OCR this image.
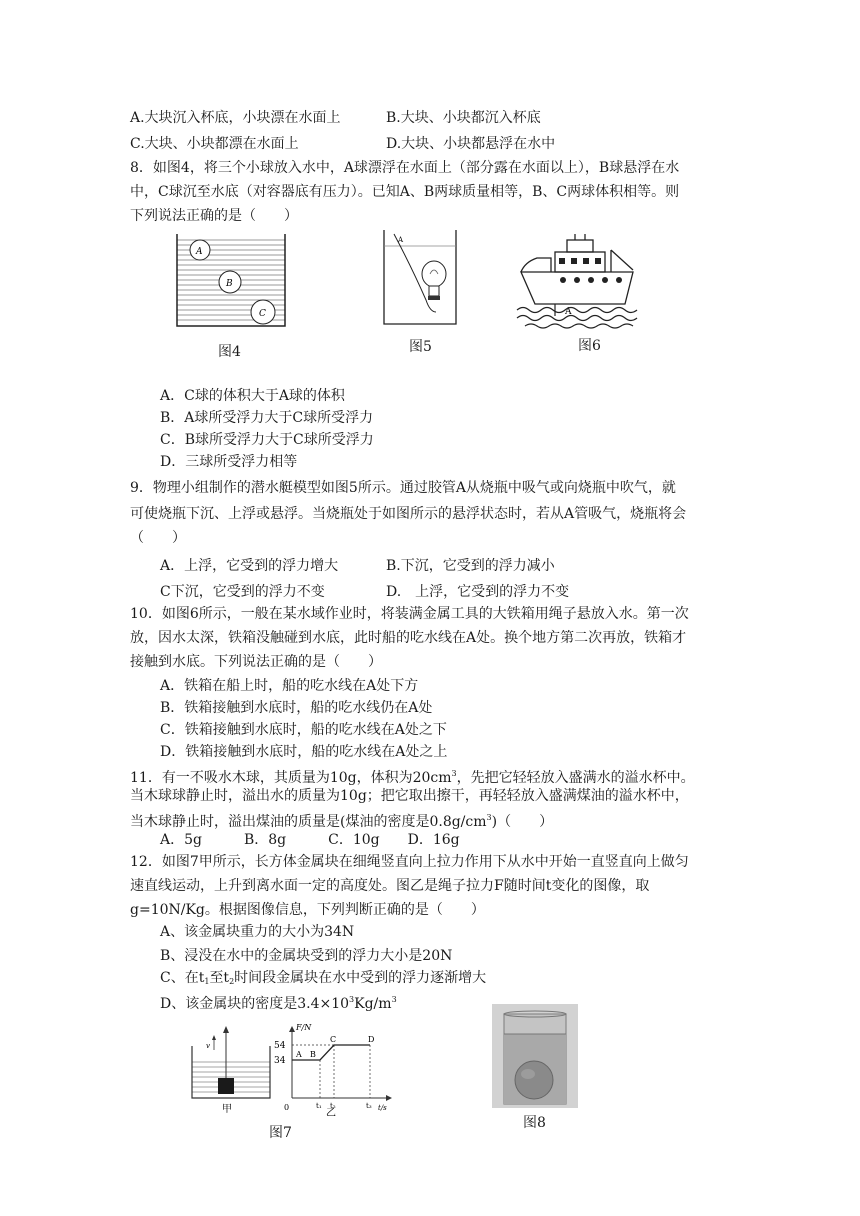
A.大块沉入杯底，小块漂在水面上	B.大块、小块都沉入杯底
C.大块、小块都漂在水面上	D.大块、小块都悬浮在水中
8．如图4，将三个小球放入水中，A球漂浮在水面上（部分露在水面以上），B球悬浮在水
中，C球沉至水底（对容器底有压力）。已知A、B两球质量相等，B、C两球体积相等。则
下列说法正确的是（　　）
A
B
C
A
A
图4	图5	图6
A．C球的体积大于A球的体积
B．A球所受浮力大于C球所受浮力
C．B球所受浮力大于C球所受浮力
D．三球所受浮力相等
9．物理小组制作的潜水艇模型如图5所示。通过胶管A从烧瓶中吸气或向烧瓶中吹气，就
可使烧瓶下沉、上浮或悬浮。当烧瓶处于如图所示的悬浮状态时，若从A管吸气，烧瓶将会
（　　）
A．上浮，它受到的浮力增大	B.下沉，它受到的浮力减小
C下沉，它受到的浮力不变	D.　上浮，它受到的浮力不变
10．如图6所示，一般在某水域作业时，将装满金属工具的大铁箱用绳子悬放入水。第一次
放，因水太深，铁箱没触碰到水底，此时船的吃水线在A处。换个地方第二次再放，铁箱才
接触到水底。下列说法正确的是（　　）
A．铁箱在船上时，船的吃水线在A处下方
B．铁箱接触到水底时，船的吃水线仍在A处
C．铁箱接触到水底时，船的吃水线在A处之下
D．铁箱接触到水底时，船的吃水线在A处之上
11．有一不吸水木球，其质量为10g，体积为$20cm^3$，先把它轻轻放入盛满水的溢水杯中。
当木球球静止时，溢出水的质量为10g；把它取出擦干，再轻轻放入盛满煤油的溢水杯中，
当木球静止时，溢出煤油的质量是(煤油的密度是$0.8g/cm^3$)（　　）
A．5g　　　B．8g　　　C．10g　　D．16g
12．如图7甲所示，长方体金属块在细绳竖直向上拉力作用下从水中开始一直竖直向上做匀
速直线运动，上升到离水面一定的高度处。图乙是绳子拉力F随时间t变化的图像，取
g=10N/Kg。根据图像信息，下列判断正确的是（　　）
A、该金属块重力的大小为34N
B、浸没在水中的金属块受到的浮力大小是20N
C、在$t_1$至$t_2$时间段金属块在水中受到的浮力逐渐增大
D、该金属块的密度是$3.4\times 10^3Kg/m^3$
v
甲
F/N
t/s
54
34
0
A B
C	D
t₁ t₂	t₃
乙
图7
图8
